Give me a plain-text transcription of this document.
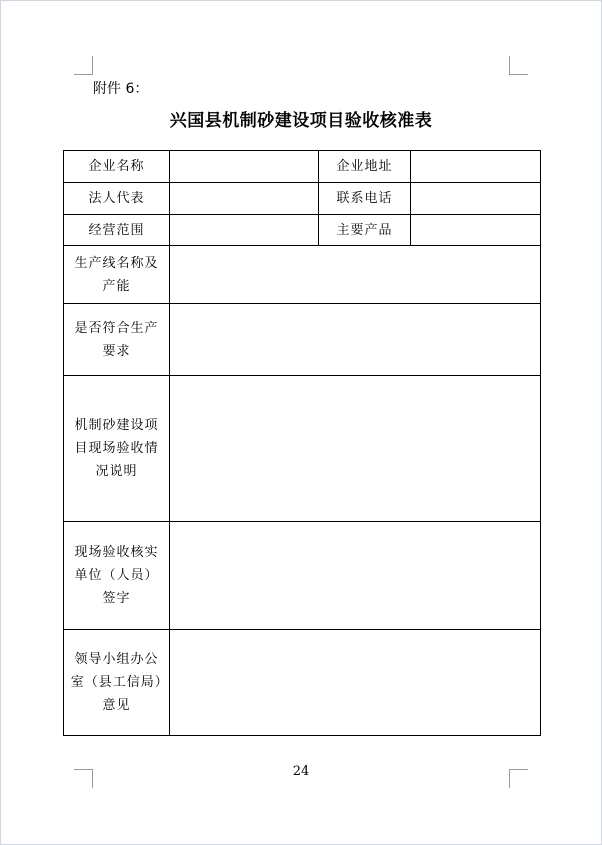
附件 6：
兴国县机制砂建设项目验收核准表
企业名称		企业地址	
法人代表		联系电话	
经营范围		主要产品	
生产线名称及产能			
是否符合生产要求			
机制砂建设项目现场验收情况说明			
现场验收核实单位（人员）签字			
领导小组办公室（县工信局）意见			
24
